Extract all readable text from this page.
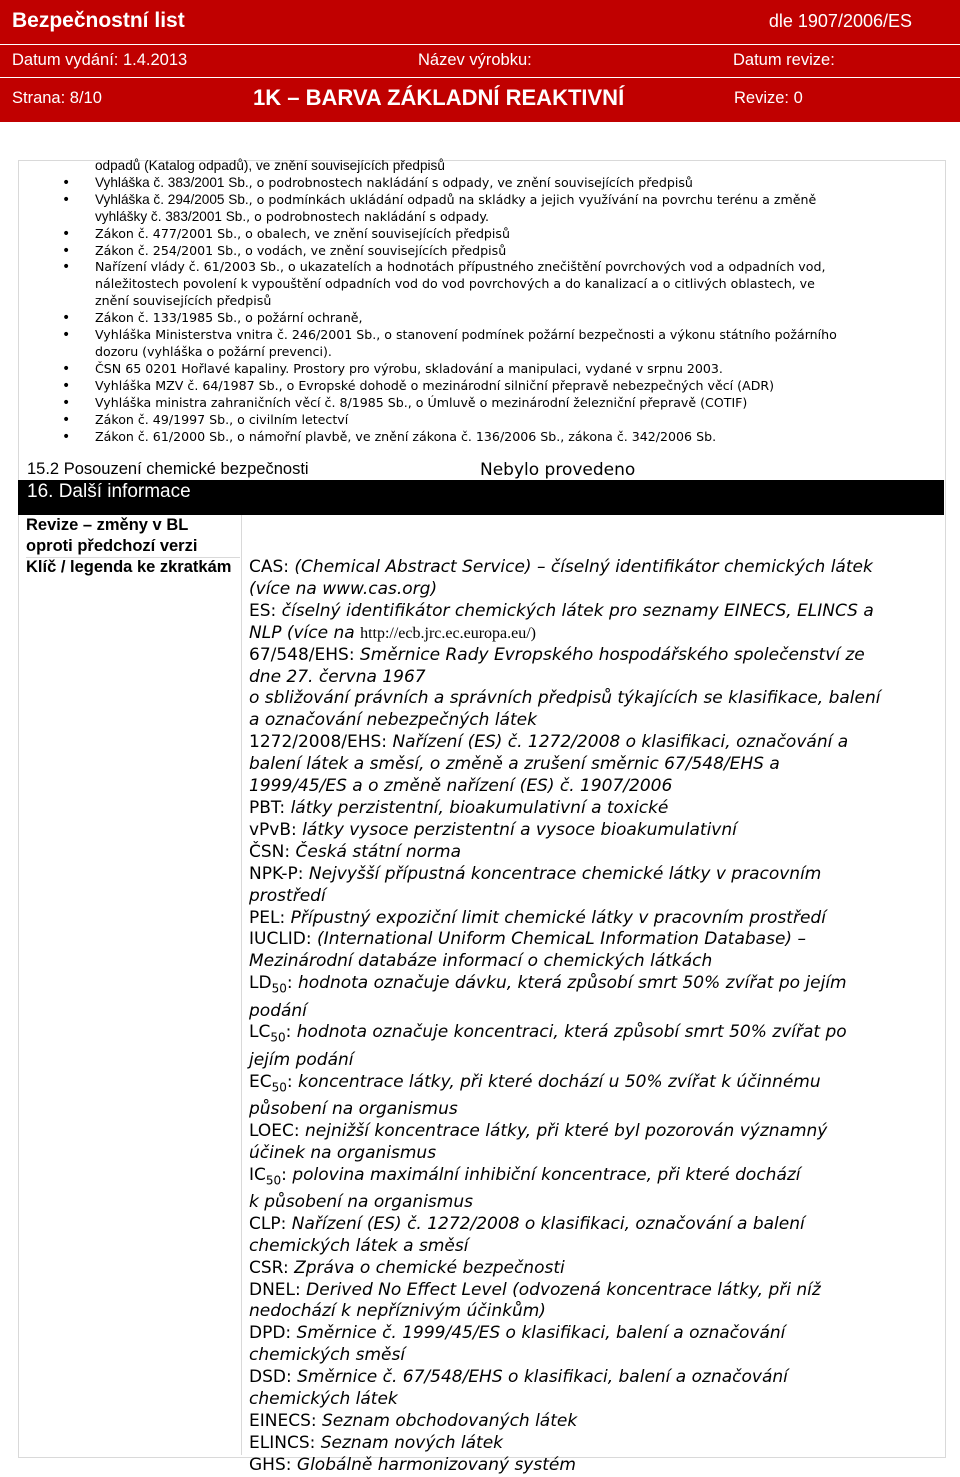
Bezpečnostní list	dle 1907/2006/ES
Datum vydání: 1.4.2013	Název výrobku:	Datum revize:
Strana: 8/10	1K – BARVA ZÁKLADNÍ REAKTIVNÍ	Revize: 0
odpadů (Katalog odpadů), ve znění souvisejících předpisů
• Vyhláška č. 383/2001 Sb., o podrobnostech nakládání s odpady, ve znění souvisejících předpisů
• Vyhláška č. 294/2005 Sb., o podmínkách ukládání odpadů na skládky a jejich využívání na povrchu terénu a změně
vyhlášky č. 383/2001 Sb., o podrobnostech nakládání s odpady.
• Zákon č. 477/2001 Sb., o obalech, ve znění souvisejících předpisů
• Zákon č. 254/2001 Sb., o vodách, ve znění souvisejících předpisů
• Nařízení vlády č. 61/2003 Sb., o ukazatelích a hodnotách přípustného znečištění povrchových vod a odpadních vod,
náležitostech povolení k vypouštění odpadních vod do vod povrchových a do kanalizací a o citlivých oblastech, ve
znění souvisejících předpisů
• Zákon č. 133/1985 Sb., o požární ochraně,
• Vyhláška Ministerstva vnitra č. 246/2001 Sb., o stanovení podmínek požární bezpečnosti a výkonu státního požárního
dozoru (vyhláška o požární prevenci).
• ČSN 65 0201 Hořlavé kapaliny. Prostory pro výrobu, skladování a manipulaci, vydané v srpnu 2003.
• Vyhláška MZV č. 64/1987 Sb., o Evropské dohodě o mezinárodní silniční přepravě nebezpečných věcí (ADR)
• Vyhláška ministra zahraničních věcí č. 8/1985 Sb., o Úmluvě o mezinárodní železniční přepravě (COTIF)
• Zákon č. 49/1997 Sb., o civilním letectví
• Zákon č. 61/2000 Sb., o námořní plavbě, ve znění zákona č. 136/2006 Sb., zákona č. 342/2006 Sb.
15.2 Posouzení chemické bezpečnosti	Nebylo provedeno
16. Další informace
Revize – změny v BL oproti předchozí verzi
Klíč / legenda ke zkratkám	CAS: (Chemical Abstract Service) – číselný identifikátor chemických látek

(více na www.cas.org)

ES: číselný identifikátor chemických látek pro seznamy EINECS, ELINCS a

NLP (více na http://ecb.jrc.ec.europa.eu/)

67/548/EHS: Směrnice Rady Evropského hospodářského společenství ze

dne 27. června 1967

o sbližování právních a správních předpisů týkajících se klasifikace, balení

a označování nebezpečných látek

1272/2008/EHS: Nařízení (ES) č. 1272/2008 o klasifikaci, označování a

balení látek a směsí, o změně a zrušení směrnic 67/548/EHS a

1999/45/ES a o změně nařízení (ES) č. 1907/2006

PBT: látky perzistentní, bioakumulativní a toxické

vPvB: látky vysoce perzistentní a vysoce bioakumulativní

ČSN: Česká státní norma

NPK-P: Nejvyšší přípustná koncentrace chemické látky v pracovním

prostředí

PEL: Přípustný expoziční limit chemické látky v pracovním prostředí

IUCLID: (International Uniform ChemicaL Information Database) –

Mezinárodní databáze informací o chemických látkách

$LD_{50}$: hodnota označuje dávku, která způsobí smrt 50% zvířat po jejím

podání

$LC_{50}$: hodnota označuje koncentraci, která způsobí smrt 50% zvířat po

jejím podání

$EC_{50}$: koncentrace látky, při které dochází u 50% zvířat k účinnému

působení na organismus

LOEC: nejnižší koncentrace látky, při které byl pozorován významný

účinek na organismus

$IC_{50}$: polovina maximální inhibiční koncentrace, při které dochází

k působení na organismus

CLP: Nařízení (ES) č. 1272/2008 o klasifikaci, označování a balení

chemických látek a směsí

CSR: Zpráva o chemické bezpečnosti

DNEL: Derived No Effect Level (odvozená koncentrace látky, při níž

nedochází k nepříznivým účinkům)

DPD: Směrnice č. 1999/45/ES o klasifikaci, balení a označování

chemických směsí

DSD: Směrnice č. 67/548/EHS o klasifikaci, balení a označování

chemických látek

EINECS: Seznam obchodovaných látek

ELINCS: Seznam nových látek

GHS: Globálně harmonizovaný systém
